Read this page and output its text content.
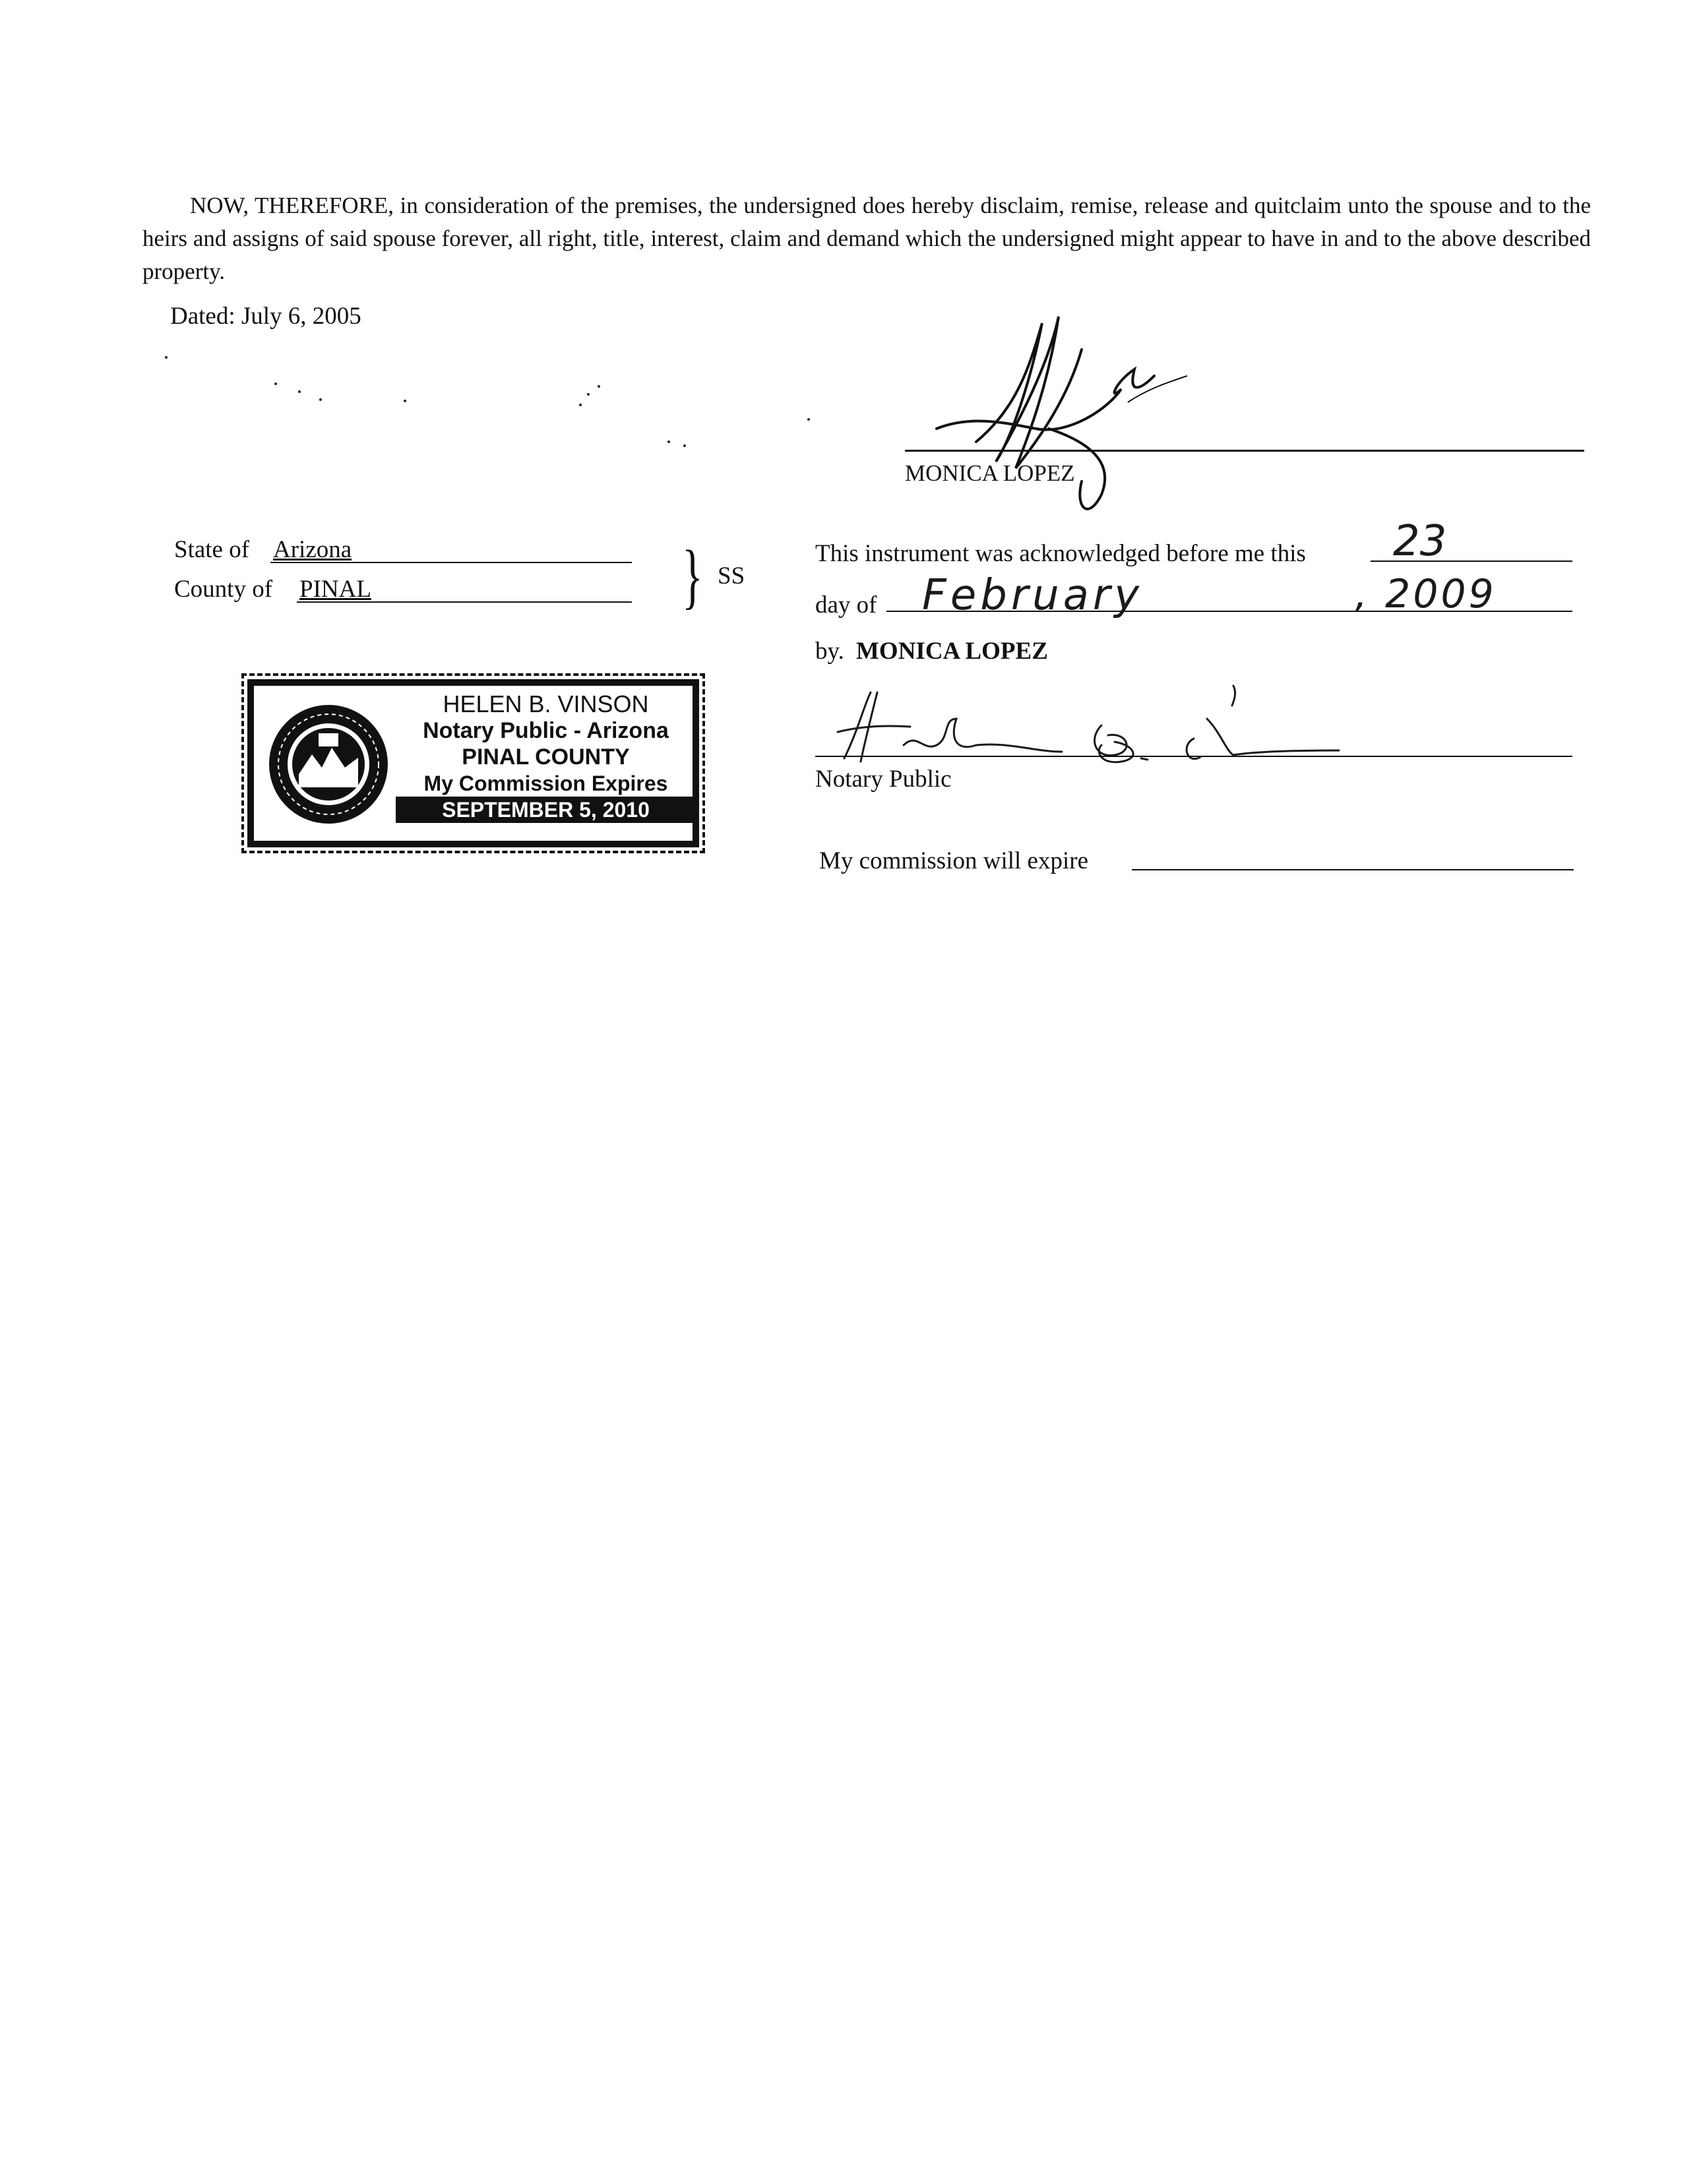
NOW, THEREFORE, in consideration of the premises, the undersigned does hereby disclaim, remise, release and quitclaim unto the spouse and to the heirs and assigns of said spouse forever, all right, title, interest, claim and demand which the undersigned might appear to have in and to the above described property.

Dated: July 6, 2005
MONICA LOPEZ
State of Arizona
County of PINAL	} SS
This instrument was acknowledged before me this 23
day of February	, 2009
by. MONICA LOPEZ
Notary Public
My commission will expire
HELEN B. VINSON
Notary Public - Arizona
PINAL COUNTY
My Commission Expires
SEPTEMBER 5, 2010
